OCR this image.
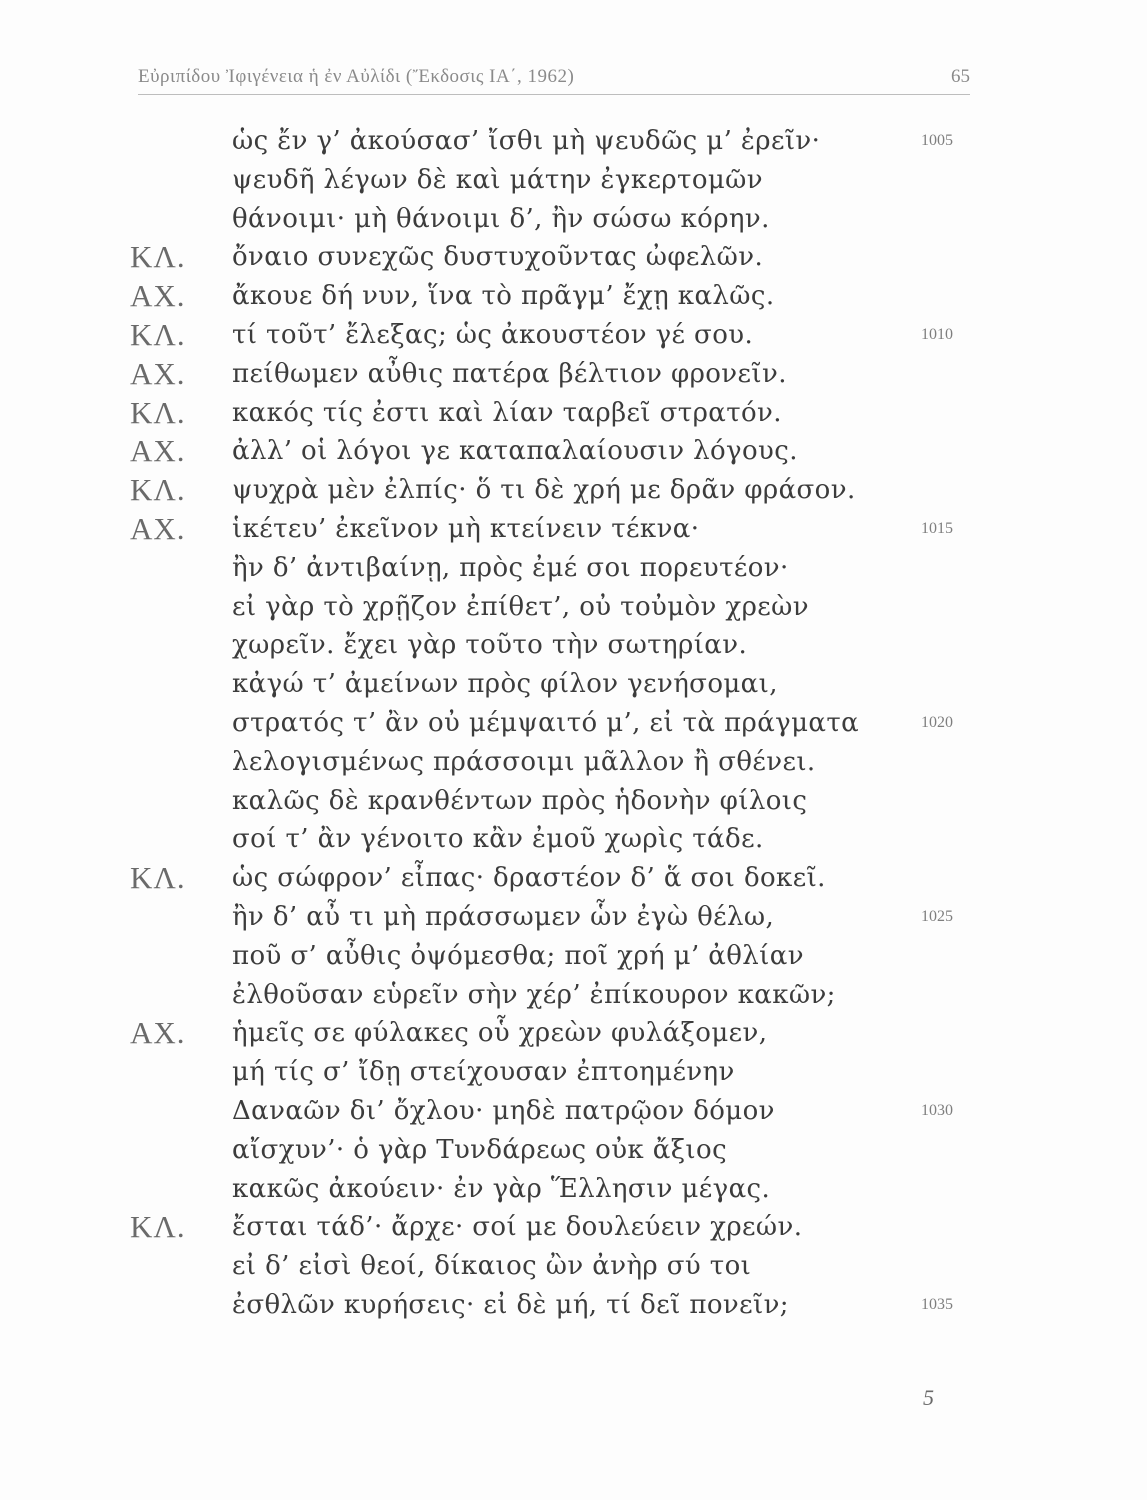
Εὐριπίδου Ἰφιγένεια ἡ ἐν Αὐλίδι (Ἔκδοσις ΙΑ΄, 1962)	65
ὡς ἔν γ’ ἀκούσασ’ ἴσθι μὴ ψευδῶς μ’ ἐρεῖν·	1005
ψευδῆ λέγων δὲ καὶ μάτην ἐγκερτομῶν
θάνοιμι· μὴ θάνοιμι δ’, ἢν σώσω κόρην.
ΚΛ. ὄναιο συνεχῶς δυστυχοῦντας ὠφελῶν.
ΑΧ. ἄκουε δή νυν, ἵνα τὸ πρᾶγμ’ ἔχῃ καλῶς.
ΚΛ. τί τοῦτ’ ἔλεξας; ὡς ἀκουστέον γέ σου.	1010
ΑΧ. πείθωμεν αὖθις πατέρα βέλτιον φρονεῖν.
ΚΛ. κακός τίς ἐστι καὶ λίαν ταρβεῖ στρατόν.
ΑΧ. ἀλλ’ οἱ λόγοι γε καταπαλαίουσιν λόγους.
ΚΛ. ψυχρὰ μὲν ἐλπίς· ὅ τι δὲ χρή με δρᾶν φράσον.
ΑΧ. ἱκέτευ’ ἐκεῖνον μὴ κτείνειν τέκνα·	1015
ἢν δ’ ἀντιβαίνῃ, πρὸς ἐμέ σοι πορευτέον·
εἰ γὰρ τὸ χρῇζον ἐπίθετ’, οὐ τοὐμὸν χρεὼν
χωρεῖν. ἔχει γὰρ τοῦτο τὴν σωτηρίαν.
κἀγώ τ’ ἀμείνων πρὸς φίλον γενήσομαι,
στρατός τ’ ἂν οὐ μέμψαιτό μ’, εἰ τὰ πράγματα	1020
λελογισμένως πράσσοιμι μᾶλλον ἢ σθένει.
καλῶς δὲ κρανθέντων πρὸς ἡδονὴν φίλοις
σοί τ’ ἂν γένοιτο κἂν ἐμοῦ χωρὶς τάδε.
ΚΛ. ὡς σώφρον’ εἶπας· δραστέον δ’ ἅ σοι δοκεῖ.
ἢν δ’ αὖ τι μὴ πράσσωμεν ὧν ἐγὼ θέλω,	1025
ποῦ σ’ αὖθις ὀψόμεσθα; ποῖ χρή μ’ ἀθλίαν
ἐλθοῦσαν εὑρεῖν σὴν χέρ’ ἐπίκουρον κακῶν;
ΑΧ. ἡμεῖς σε φύλακες οὗ χρεὼν φυλάξομεν,
μή τίς σ’ ἴδῃ στείχουσαν ἐπτοημένην
Δαναῶν δι’ ὄχλου· μηδὲ πατρῷον δόμον	1030
αἴσχυν’· ὁ γὰρ Τυνδάρεως οὐκ ἄξιος
κακῶς ἀκούειν· ἐν γὰρ Ἕλλησιν μέγας.
ΚΛ. ἔσται τάδ’· ἄρχε· σοί με δουλεύειν χρεών.
εἰ δ’ εἰσὶ θεοί, δίκαιος ὢν ἀνὴρ σύ τοι
ἐσθλῶν κυρήσεις· εἰ δὲ μή, τί δεῖ πονεῖν;	1035
5
